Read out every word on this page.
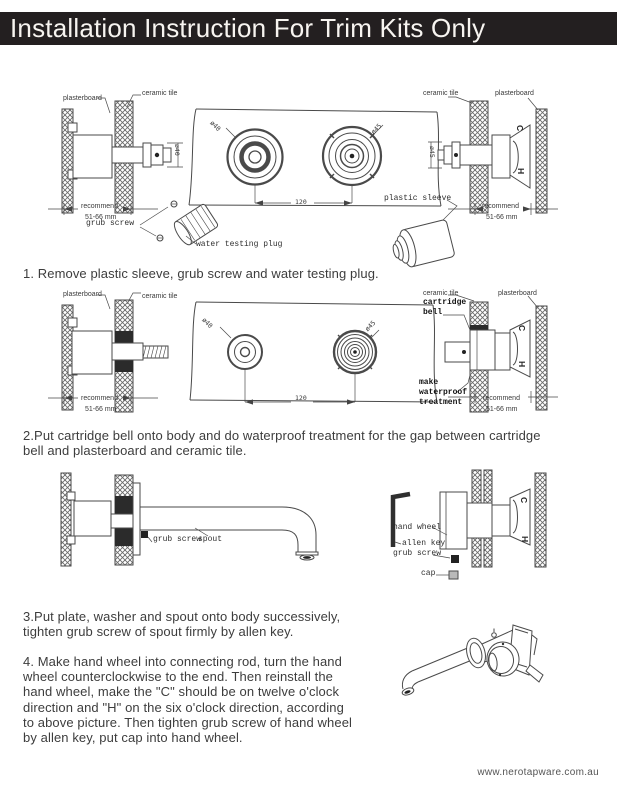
Installation Instruction For Trim Kits Only
plasterboard
ceramic tile
recommend
51-66 mm
ø40
ø40	ø45
120	plastic sleeve
grub screw
water testing plug
ceramic tile	plasterboard
ø45
recommend
51-66 mm
C
H
1. Remove plastic sleeve, grub screw and water testing plug.
plasterboard	ceramic tile
recommend
51-66 mm
ø40	ø45
120
ceramic tile	plasterboard
cartridge
bell
make
waterproof
treatment	recommend
51-66 mm
C
H
2.Put cartridge bell onto body and do waterproof treatment for the gap between cartridge
bell and plasterboard and ceramic tile.
grub screw
spout
hand wheel
allen key
grub screw
cap
C
H
3.Put plate, washer and spout onto body successively,
tighten grub screw of spout firmly by allen key.
4. Make hand wheel into connecting rod, turn the hand
wheel counterclockwise to the end. Then reinstall the
hand wheel, make the "C" should be on twelve o'clock
direction and "H" on the six o'clock direction, according
to above picture. Then tighten grub screw of hand wheel
by allen key, put cap into hand wheel.
www.nerotapware.com.au
